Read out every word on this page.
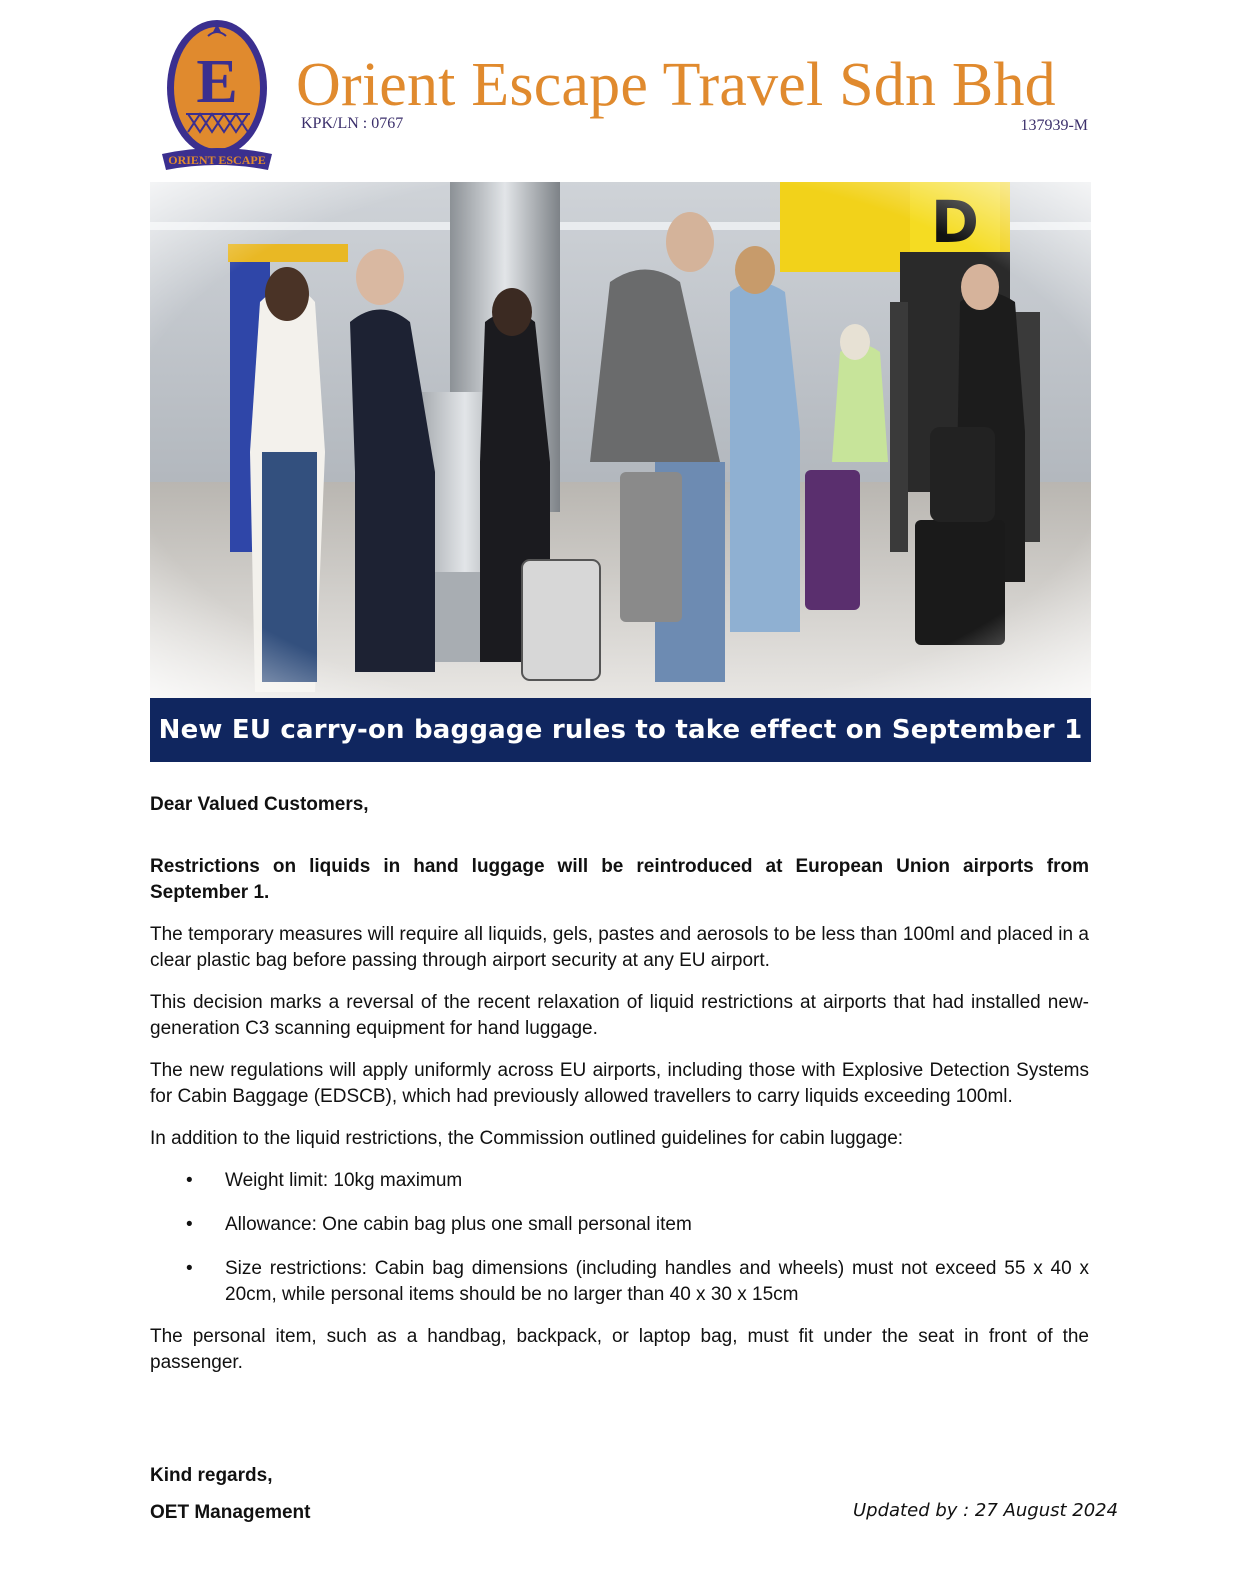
E
ORIENT ESCAPE
Orient Escape Travel Sdn Bhd
KPK/LN : 0767	137939-M
New EU carry-on baggage rules to take effect on September 1

Dear Valued Customers,

Restrictions on liquids in hand luggage will be reintroduced at European Union airports from September 1.

The temporary measures will require all liquids, gels, pastes and aerosols to be less than 100ml and placed in a clear plastic bag before passing through airport security at any EU airport.

This decision marks a reversal of the recent relaxation of liquid restrictions at airports that had installed new-generation C3 scanning equipment for hand luggage.

The new regulations will apply uniformly across EU airports, including those with Explosive Detection Systems for Cabin Baggage (EDSCB), which had previously allowed travellers to carry liquids exceeding 100ml.

In addition to the liquid restrictions, the Commission outlined guidelines for cabin luggage:

• Weight limit: 10kg maximum
• Allowance: One cabin bag plus one small personal item
• Size restrictions: Cabin bag dimensions (including handles and wheels) must not exceed 55 x 40 x 20cm, while personal items should be no larger than 40 x 30 x 15cm

The personal item, such as a handbag, backpack, or laptop bag, must fit under the seat in front of the passenger.

Kind regards,
OET Management	Updated by : 27 August 2024
